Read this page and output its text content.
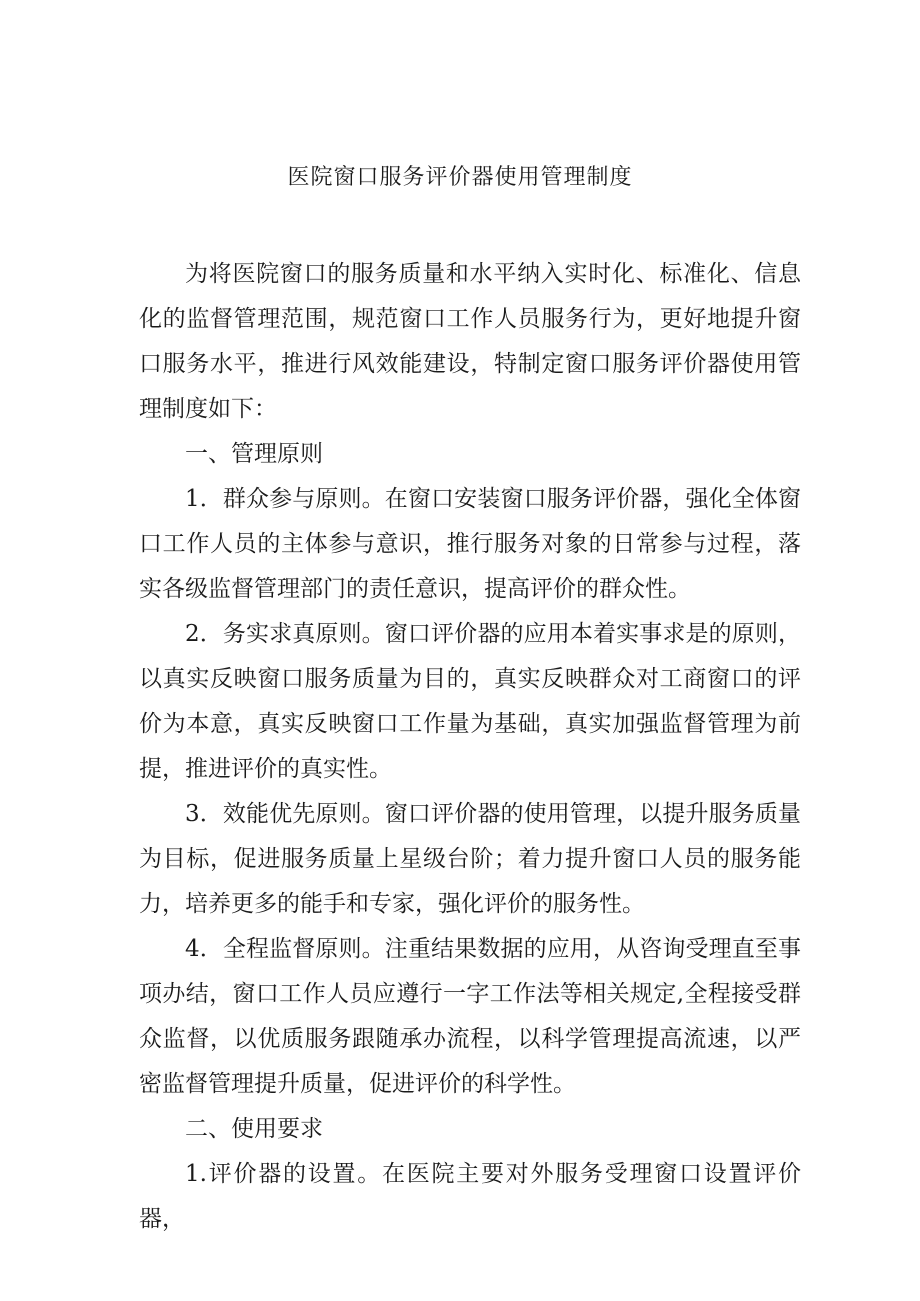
医院窗口服务评价器使用管理制度

为将医院窗口的服务质量和水平纳入实时化、标准化、信息化的监督管理范围，规范窗口工作人员服务行为，更好地提升窗口服务水平，推进行风效能建设，特制定窗口服务评价器使用管理制度如下：

一、管理原则

1．群众参与原则。在窗口安装窗口服务评价器，强化全体窗口工作人员的主体参与意识，推行服务对象的日常参与过程，落实各级监督管理部门的责任意识，提高评价的群众性。

2．务实求真原则。窗口评价器的应用本着实事求是的原则，以真实反映窗口服务质量为目的，真实反映群众对工商窗口的评价为本意，真实反映窗口工作量为基础，真实加强监督管理为前提，推进评价的真实性。

3．效能优先原则。窗口评价器的使用管理，以提升服务质量为目标，促进服务质量上星级台阶；着力提升窗口人员的服务能力，培养更多的能手和专家，强化评价的服务性。

4．全程监督原则。注重结果数据的应用，从咨询受理直至事项办结，窗口工作人员应遵行一字工作法等相关规定,全程接受群众监督，以优质服务跟随承办流程，以科学管理提高流速，以严密监督管理提升质量，促进评价的科学性。

二、使用要求

1.评价器的设置。在医院主要对外服务受理窗口设置评价器，
